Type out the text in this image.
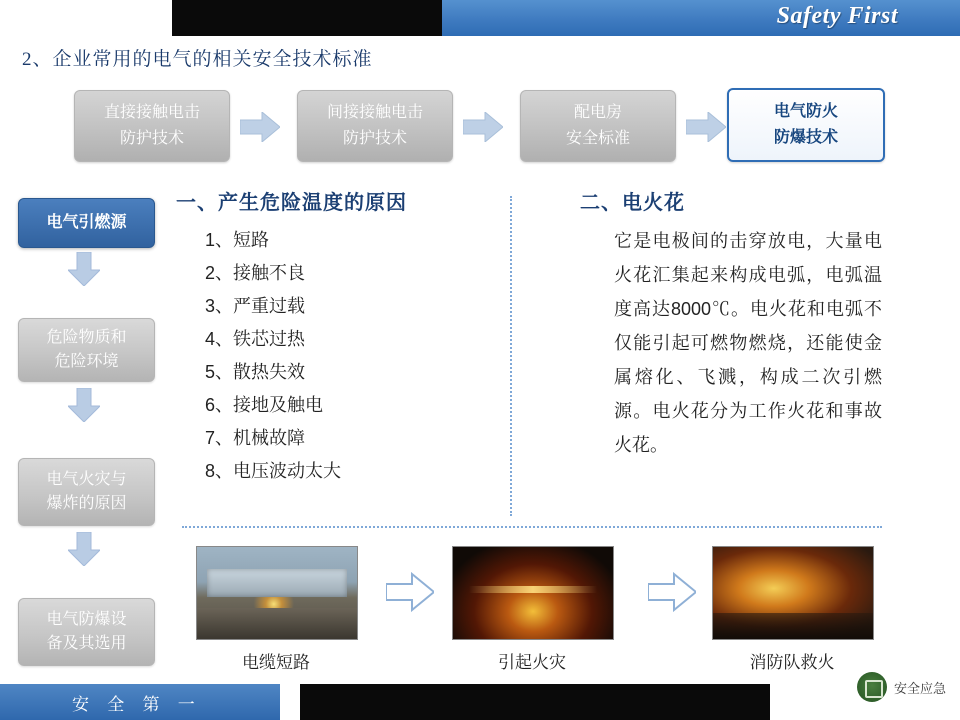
Safety First
2、企业常用的电气的相关安全技术标准
直接接触电击
防护技术
间接接触电击
防护技术
配电房
安全标准
电气防火
防爆技术
电气引燃源
危险物质和
危险环境
电气火灾与
爆炸的原因
电气防爆设
备及其选用
一、产生危险温度的原因	二、电火花
1、短路
2、接触不良
3、严重过载
4、铁芯过热
5、散热失效
6、接地及触电
7、机械故障
8、电压波动太大
它是电极间的击穿放电，大量电火花汇集起来构成电弧，电弧温度高达8000℃。电火花和电弧不仅能引起可燃物燃烧，还能使金属熔化、飞溅，构成二次引燃源。电火花分为工作火花和事故火花。
电缆短路	引起火灾	消防队救火
安 全 第 一
安全应急
